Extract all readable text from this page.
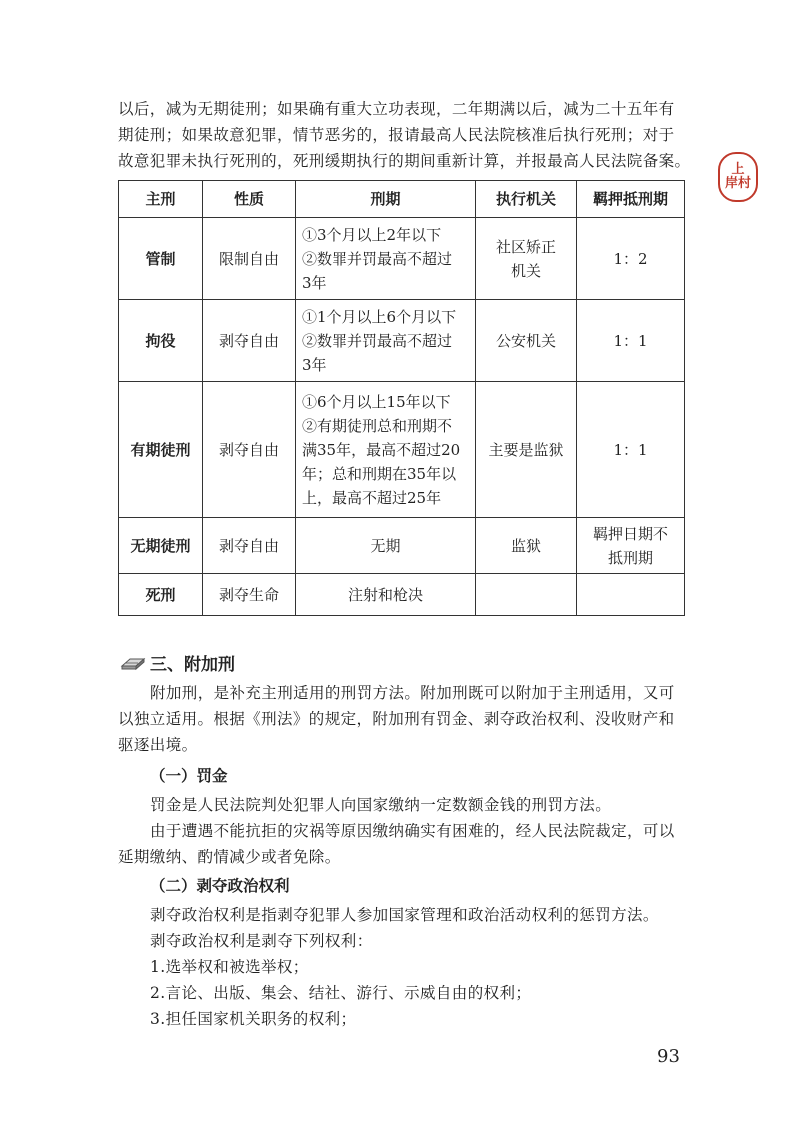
以后，减为无期徒刑；如果确有重大立功表现，二年期满以后，减为二十五年有
期徒刑；如果故意犯罪，情节恶劣的，报请最高人民法院核准后执行死刑；对于
故意犯罪未执行死刑的，死刑缓期执行的期间重新计算，并报最高人民法院备案。	上
岸村
主刑	性质	刑期	执行机关	羁押抵刑期
管制	限制自由	①3个月以上2年以下
②数罪并罚最高不超过
3年	社区矫正
机关	1：2

拘役	剥夺自由	①1个月以上6个月以下
②数罪并罚最高不超过
3年	公安机关	1：1

有期徒刑	剥夺自由	①6个月以上15年以下
②有期徒刑总和刑期不
满35年，最高不超过20
年；总和刑期在35年以
上，最高不超过25年	主要是监狱	1：1

无期徒刑	剥夺自由	无期	监狱	羁押日期不
抵刑期

死刑	剥夺生命	注射和枪决	

三、附加刑
附加刑，是补充主刑适用的刑罚方法。附加刑既可以附加于主刑适用，又可
以独立适用。根据《刑法》的规定，附加刑有罚金、剥夺政治权利、没收财产和
驱逐出境。
（一）罚金
罚金是人民法院判处犯罪人向国家缴纳一定数额金钱的刑罚方法。
由于遭遇不能抗拒的灾祸等原因缴纳确实有困难的，经人民法院裁定，可以
延期缴纳、酌情减少或者免除。
（二）剥夺政治权利
剥夺政治权利是指剥夺犯罪人参加国家管理和政治活动权利的惩罚方法。
剥夺政治权利是剥夺下列权利：
1.选举权和被选举权；
2.言论、出版、集会、结社、游行、示威自由的权利；
3.担任国家机关职务的权利；
93
